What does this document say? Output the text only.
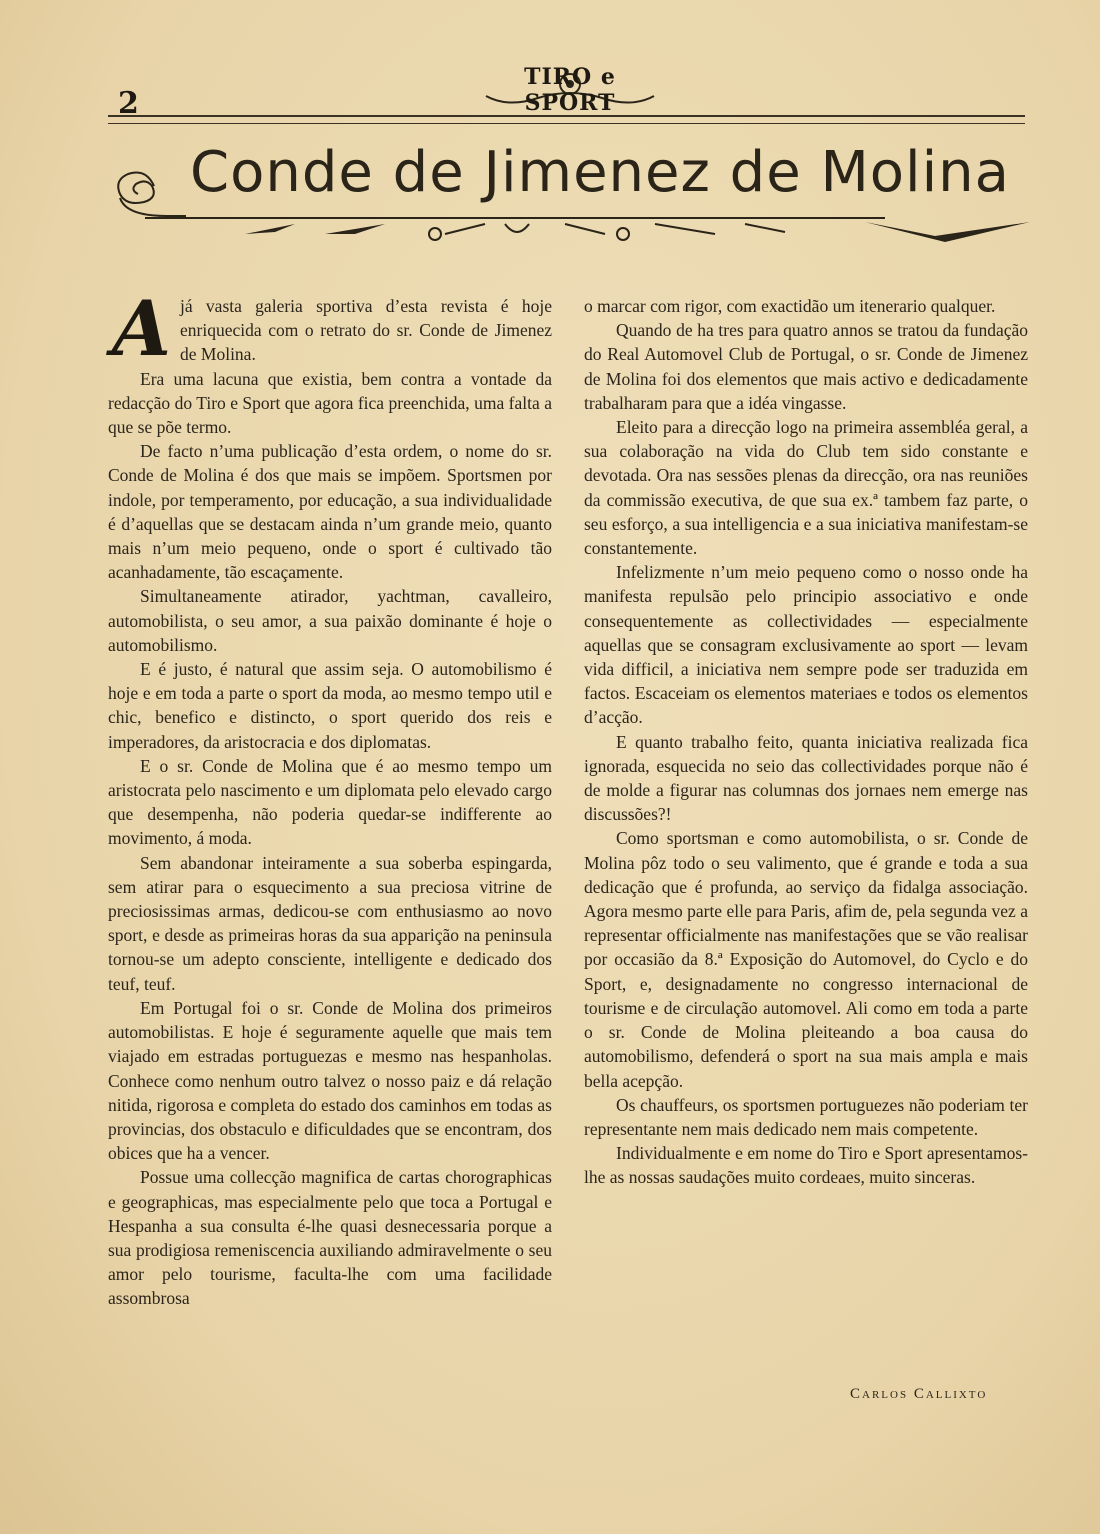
2
TIRO e SPORT
Conde de Jimenez de Molina

Ajá vasta galeria sportiva d’esta revista é hoje enriquecida com o retrato do sr. Conde de Jimenez de Molina.

Era uma lacuna que existia, bem contra a vontade da redacção do Tiro e Sport que agora fica preenchida, uma falta a que se põe termo.

De facto n’uma publicação d’esta ordem, o nome do sr. Conde de Molina é dos que mais se impõem. Sportsmen por indole, por temperamento, por educação, a sua individualidade é d’aquellas que se destacam ainda n’um grande meio, quanto mais n’um meio pequeno, onde o sport é cultivado tão acanhadamente, tão escaçamente.

Simultaneamente atirador, yachtman, cavalleiro, automobilista, o seu amor, a sua paixão dominante é hoje o automobilismo.

E é justo, é natural que assim seja. O automobilismo é hoje e em toda a parte o sport da moda, ao mesmo tempo util e chic, benefico e distincto, o sport querido dos reis e imperadores, da aristocracia e dos diplomatas.

E o sr. Conde de Molina que é ao mesmo tempo um aristocrata pelo nascimento e um diplomata pelo elevado cargo que desempenha, não poderia quedar-se indifferente ao movimento, á moda.

Sem abandonar inteiramente a sua soberba espingarda, sem atirar para o esquecimento a sua preciosa vitrine de preciosissimas armas, dedicou-se com enthusiasmo ao novo sport, e desde as primeiras horas da sua apparição na peninsula tornou-se um adepto consciente, intelligente e dedicado dos teuf, teuf.

Em Portugal foi o sr. Conde de Molina dos primeiros automobilistas. E hoje é seguramente aquelle que mais tem viajado em estradas portuguezas e mesmo nas hespanholas. Conhece como nenhum outro talvez o nosso paiz e dá relação nitida, rigorosa e completa do estado dos caminhos em todas as provincias, dos obstaculo e dificuldades que se encontram, dos obices que ha a vencer.

Possue uma collecção magnifica de cartas chorographicas e geographicas, mas especialmente pelo que toca a Portugal e Hespanha a sua consulta é-lhe quasi desnecessaria porque a sua prodigiosa remeniscencia auxiliando admiravelmente o seu amor pelo tourisme, faculta-lhe com uma facilidade assombrosa

o marcar com rigor, com exactidão um itenerario qualquer.

Quando de ha tres para quatro annos se tratou da fundação do Real Automovel Club de Portugal, o sr. Conde de Jimenez de Molina foi dos elementos que mais activo e dedicadamente trabalharam para que a idéa vingasse.

Eleito para a direcção logo na primeira assembléa geral, a sua colaboração na vida do Club tem sido constante e devotada. Ora nas sessões plenas da direcção, ora nas reuniões da commissão executiva, de que sua ex.ª tambem faz parte, o seu esforço, a sua intelligencia e a sua iniciativa manifestam-se constantemente.

Infelizmente n’um meio pequeno como o nosso onde ha manifesta repulsão pelo principio associativo e onde consequentemente as collectividades — especialmente aquellas que se consagram exclusivamente ao sport — levam vida difficil, a iniciativa nem sempre pode ser traduzida em factos. Escaceiam os elementos materiaes e todos os elementos d’acção.

E quanto trabalho feito, quanta iniciativa realizada fica ignorada, esquecida no seio das collectividades porque não é de molde a figurar nas columnas dos jornaes nem emerge nas discussões?!

Como sportsman e como automobilista, o sr. Conde de Molina pôz todo o seu valimento, que é grande e toda a sua dedicação que é profunda, ao serviço da fidalga associação. Agora mesmo parte elle para Paris, afim de, pela segunda vez a representar officialmente nas manifestações que se vão realisar por occasião da 8.ª Exposição do Automovel, do Cyclo e do Sport, e, designadamente no congresso internacional de tourisme e de circulação automovel. Ali como em toda a parte o sr. Conde de Molina pleiteando a boa causa do automobilismo, defenderá o sport na sua mais ampla e mais bella acepção.

Os chauffeurs, os sportsmen portuguezes não poderiam ter representante nem mais dedicado nem mais competente.

Individualmente e em nome do Tiro e Sport apresentamos-lhe as nossas saudações muito cordeaes, muito sinceras.

Carlos Callixto
